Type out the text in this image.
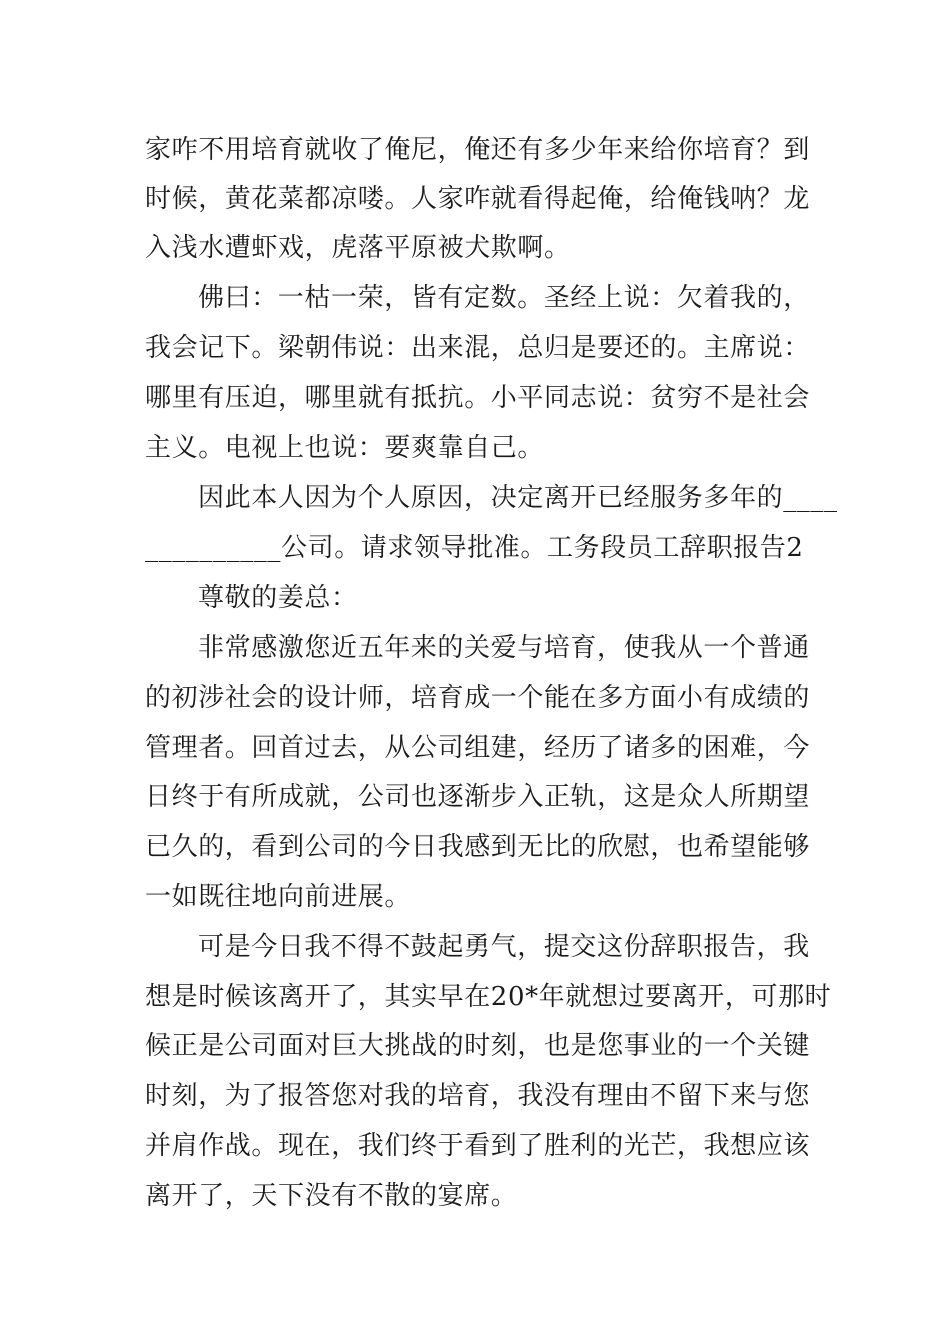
家咋不用培育就收了俺尼，俺还有多少年来给你培育？到
时候，黄花菜都凉喽。人家咋就看得起俺，给俺钱呐？龙
入浅水遭虾戏，虎落平原被犬欺啊。
佛曰：一枯一荣，皆有定数。圣经上说：欠着我的，
我会记下。梁朝伟说：出来混，总归是要还的。主席说：
哪里有压迫，哪里就有抵抗。小平同志说：贫穷不是社会
主义。电视上也说：要爽靠自己。
因此本人因为个人原因，决定离开已经服务多年的____
__________公司。请求领导批准。工务段员工辞职报告2
尊敬的姜总：
非常感激您近五年来的关爱与培育，使我从一个普通
的初涉社会的设计师，培育成一个能在多方面小有成绩的
管理者。回首过去，从公司组建，经历了诸多的困难，今
日终于有所成就，公司也逐渐步入正轨，这是众人所期望
已久的，看到公司的今日我感到无比的欣慰，也希望能够
一如既往地向前进展。
可是今日我不得不鼓起勇气，提交这份辞职报告，我
想是时候该离开了，其实早在20*年就想过要离开，可那时
候正是公司面对巨大挑战的时刻，也是您事业的一个关键
时刻，为了报答您对我的培育，我没有理由不留下来与您
并肩作战。现在，我们终于看到了胜利的光芒，我想应该
离开了，天下没有不散的宴席。
